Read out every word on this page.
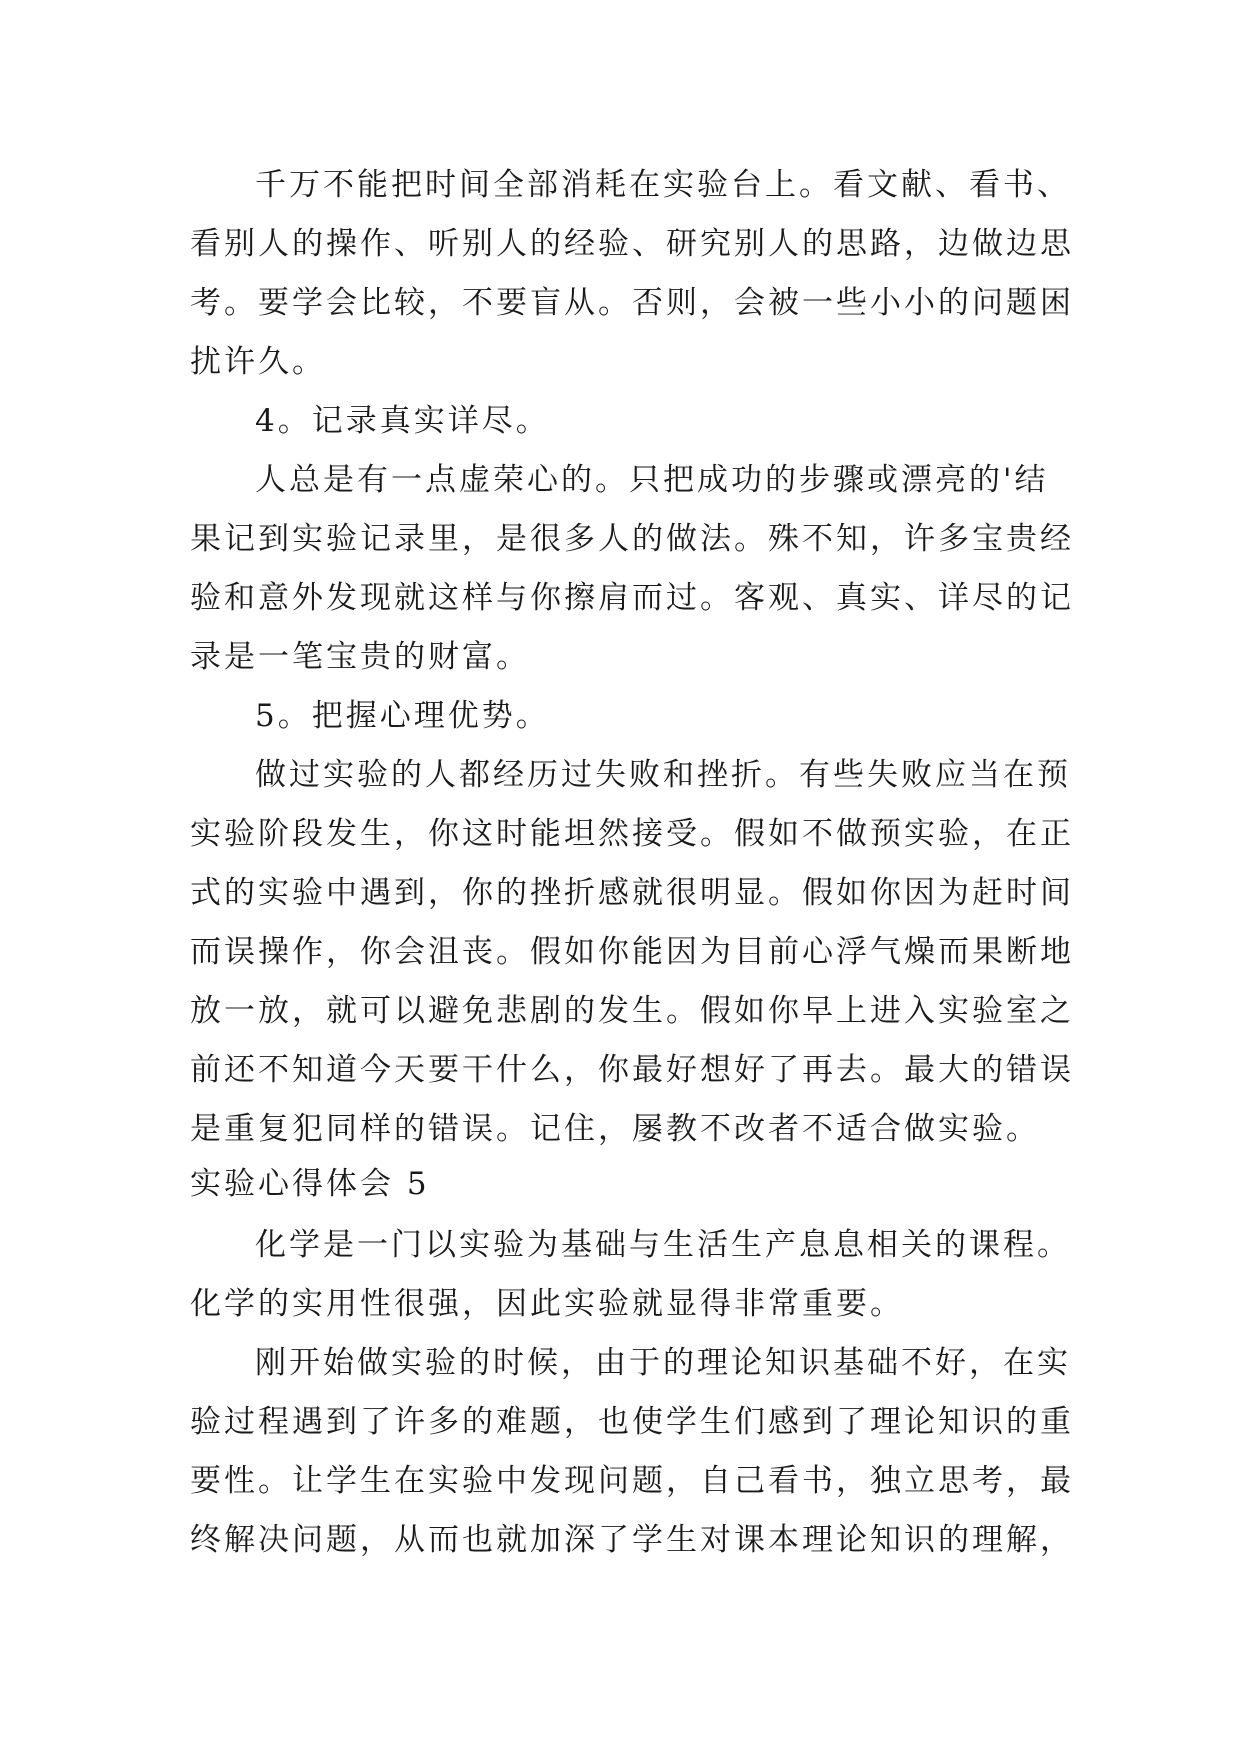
千万不能把时间全部消耗在实验台上。看文献、看书、
看别人的操作、听别人的经验、研究别人的思路，边做边思
考。要学会比较，不要盲从。否则，会被一些小小的问题困
扰许久。
4。记录真实详尽。
人总是有一点虚荣心的。只把成功的步骤或漂亮的'结
果记到实验记录里，是很多人的做法。殊不知，许多宝贵经
验和意外发现就这样与你擦肩而过。客观、真实、详尽的记
录是一笔宝贵的财富。
5。把握心理优势。
做过实验的人都经历过失败和挫折。有些失败应当在预
实验阶段发生，你这时能坦然接受。假如不做预实验，在正
式的实验中遇到，你的挫折感就很明显。假如你因为赶时间
而误操作，你会沮丧。假如你能因为目前心浮气燥而果断地
放一放，就可以避免悲剧的发生。假如你早上进入实验室之
前还不知道今天要干什么，你最好想好了再去。最大的错误
是重复犯同样的错误。记住，屡教不改者不适合做实验。
实验心得体会 5
化学是一门以实验为基础与生活生产息息相关的课程。
化学的实用性很强，因此实验就显得非常重要。
刚开始做实验的时候，由于的理论知识基础不好，在实
验过程遇到了许多的难题，也使学生们感到了理论知识的重
要性。让学生在实验中发现问题，自己看书，独立思考，最
终解决问题，从而也就加深了学生对课本理论知识的理解，
